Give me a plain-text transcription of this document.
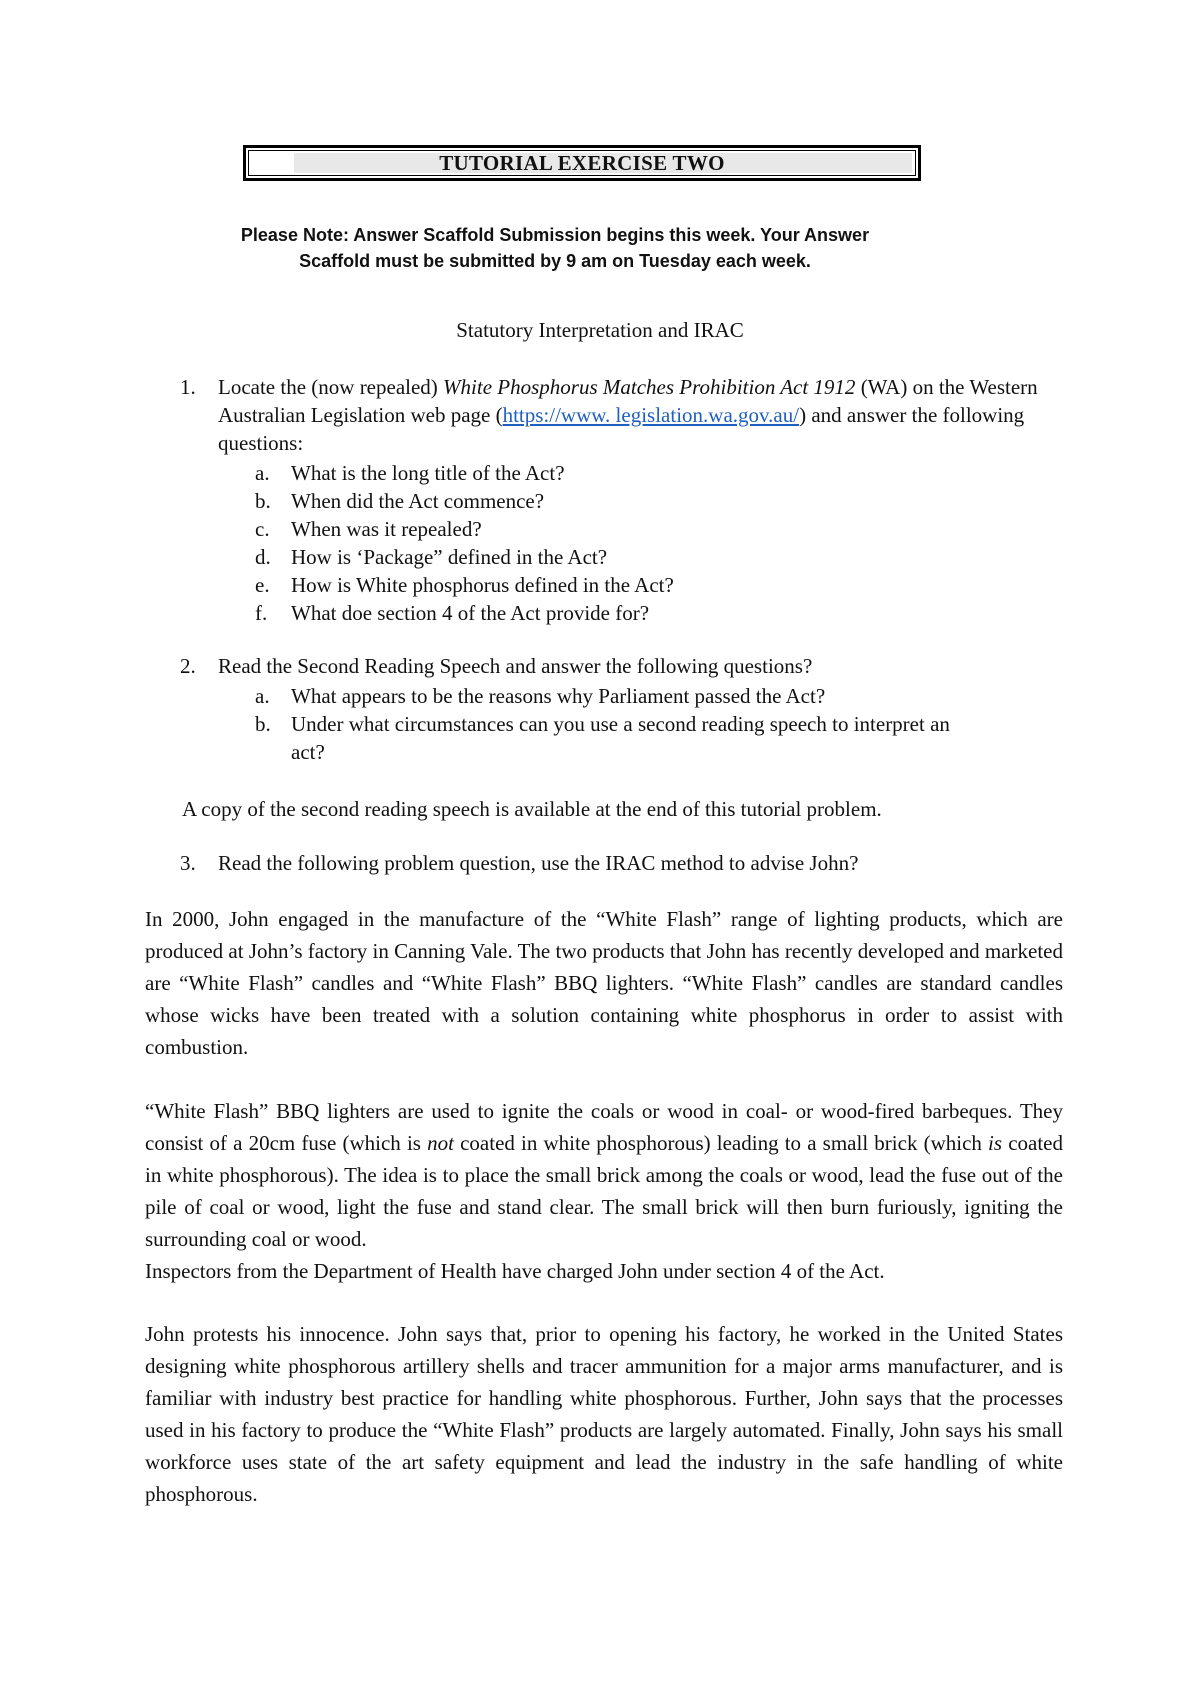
TUTORIAL EXERCISE TWO
Please Note: Answer Scaffold Submission begins this week. Your Answer
Scaffold must be submitted by 9 am on Tuesday each week.
Statutory Interpretation and IRAC
1. Locate the (now repealed) White Phosphorus Matches Prohibition Act 1912 (WA) on the Western Australian Legislation web page (https://www. legislation.wa.gov.au/) and answer the following questions:
a. What is the long title of the Act?
b. When did the Act commence?
c. When was it repealed?
d. How is ‘Package” defined in the Act?
e. How is White phosphorus defined in the Act?
f. What doe section 4 of the Act provide for?
2. Read the Second Reading Speech and answer the following questions?
a. What appears to be the reasons why Parliament passed the Act?
b. Under what circumstances can you use a second reading speech to interpret an act?
A copy of the second reading speech is available at the end of this tutorial problem.
3. Read the following problem question, use the IRAC method to advise John?

In 2000, John engaged in the manufacture of the “White Flash” range of lighting products, which are produced at John’s factory in Canning Vale. The two products that John has recently developed and marketed are “White Flash” candles and “White Flash” BBQ lighters. “White Flash” candles are standard candles whose wicks have been treated with a solution containing white phosphorus in order to assist with combustion.

“White Flash” BBQ lighters are used to ignite the coals or wood in coal- or wood-fired barbeques. They consist of a 20cm fuse (which is not coated in white phosphorous) leading to a small brick (which is coated in white phosphorous). The idea is to place the small brick among the coals or wood, lead the fuse out of the pile of coal or wood, light the fuse and stand clear. The small brick will then burn furiously, igniting the surrounding coal or wood.

Inspectors from the Department of Health have charged John under section 4 of the Act.

John protests his innocence. John says that, prior to opening his factory, he worked in the United States designing white phosphorous artillery shells and tracer ammunition for a major arms manufacturer, and is familiar with industry best practice for handling white phosphorous. Further, John says that the processes used in his factory to produce the “White Flash” products are largely automated. Finally, John says his small workforce uses state of the art safety equipment and lead the industry in the safe handling of white phosphorous.
